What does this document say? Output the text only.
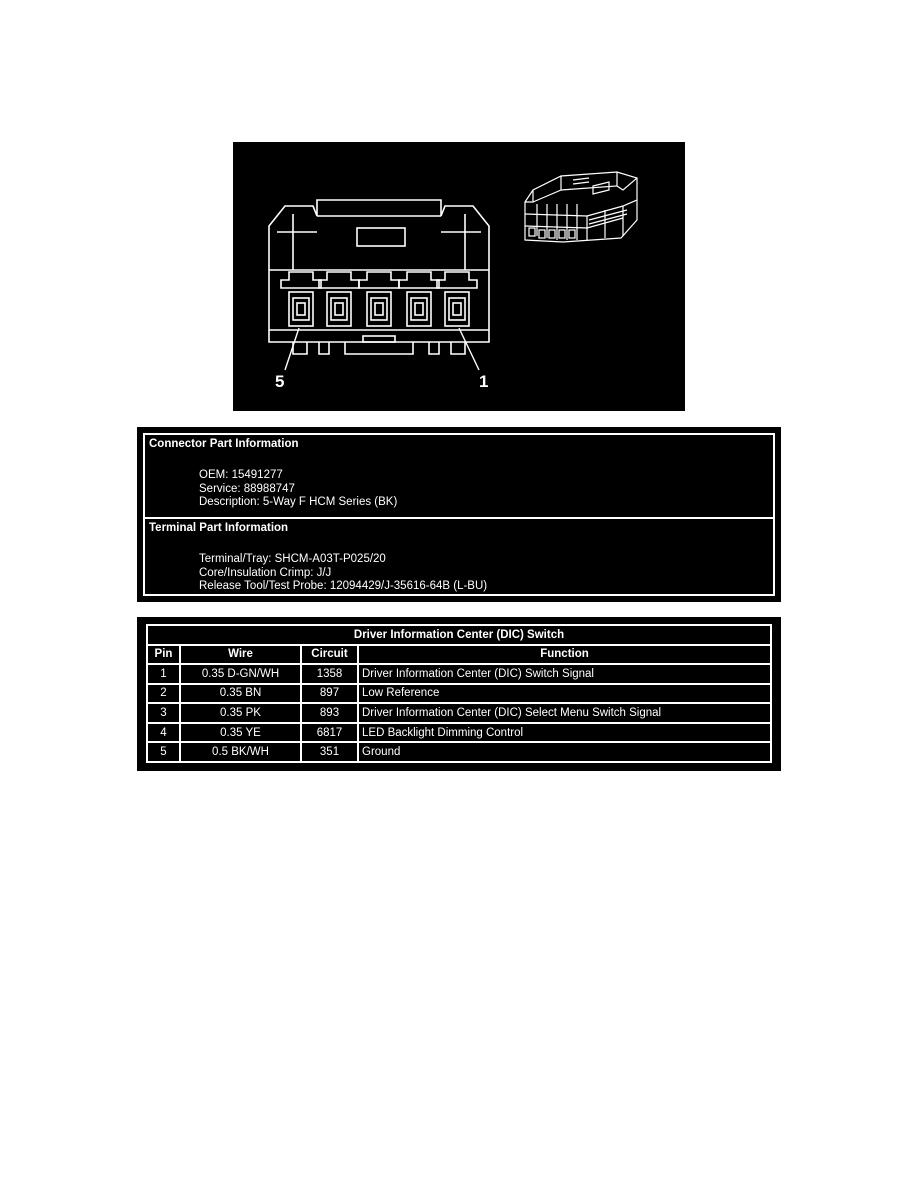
5	1
Connector Part Information
OEM: 15491277
Service: 88988747
Description: 5-Way F HCM Series (BK)
Terminal Part Information
Terminal/Tray: SHCM-A03T-P025/20
Core/Insulation Crimp: J/J
Release Tool/Test Probe: 12094429/J-35616-64B (L-BU)
Driver Information Center (DIC) Switch			
Pin	Wire	Circuit	Function
1	0.35 D-GN/WH	1358	Driver Information Center (DIC) Switch Signal
2	0.35 BN	897	Low Reference
3	0.35 PK	893	Driver Information Center (DIC) Select Menu Switch Signal
4	0.35 YE	6817	LED Backlight Dimming Control
5	0.5 BK/WH	351	Ground
